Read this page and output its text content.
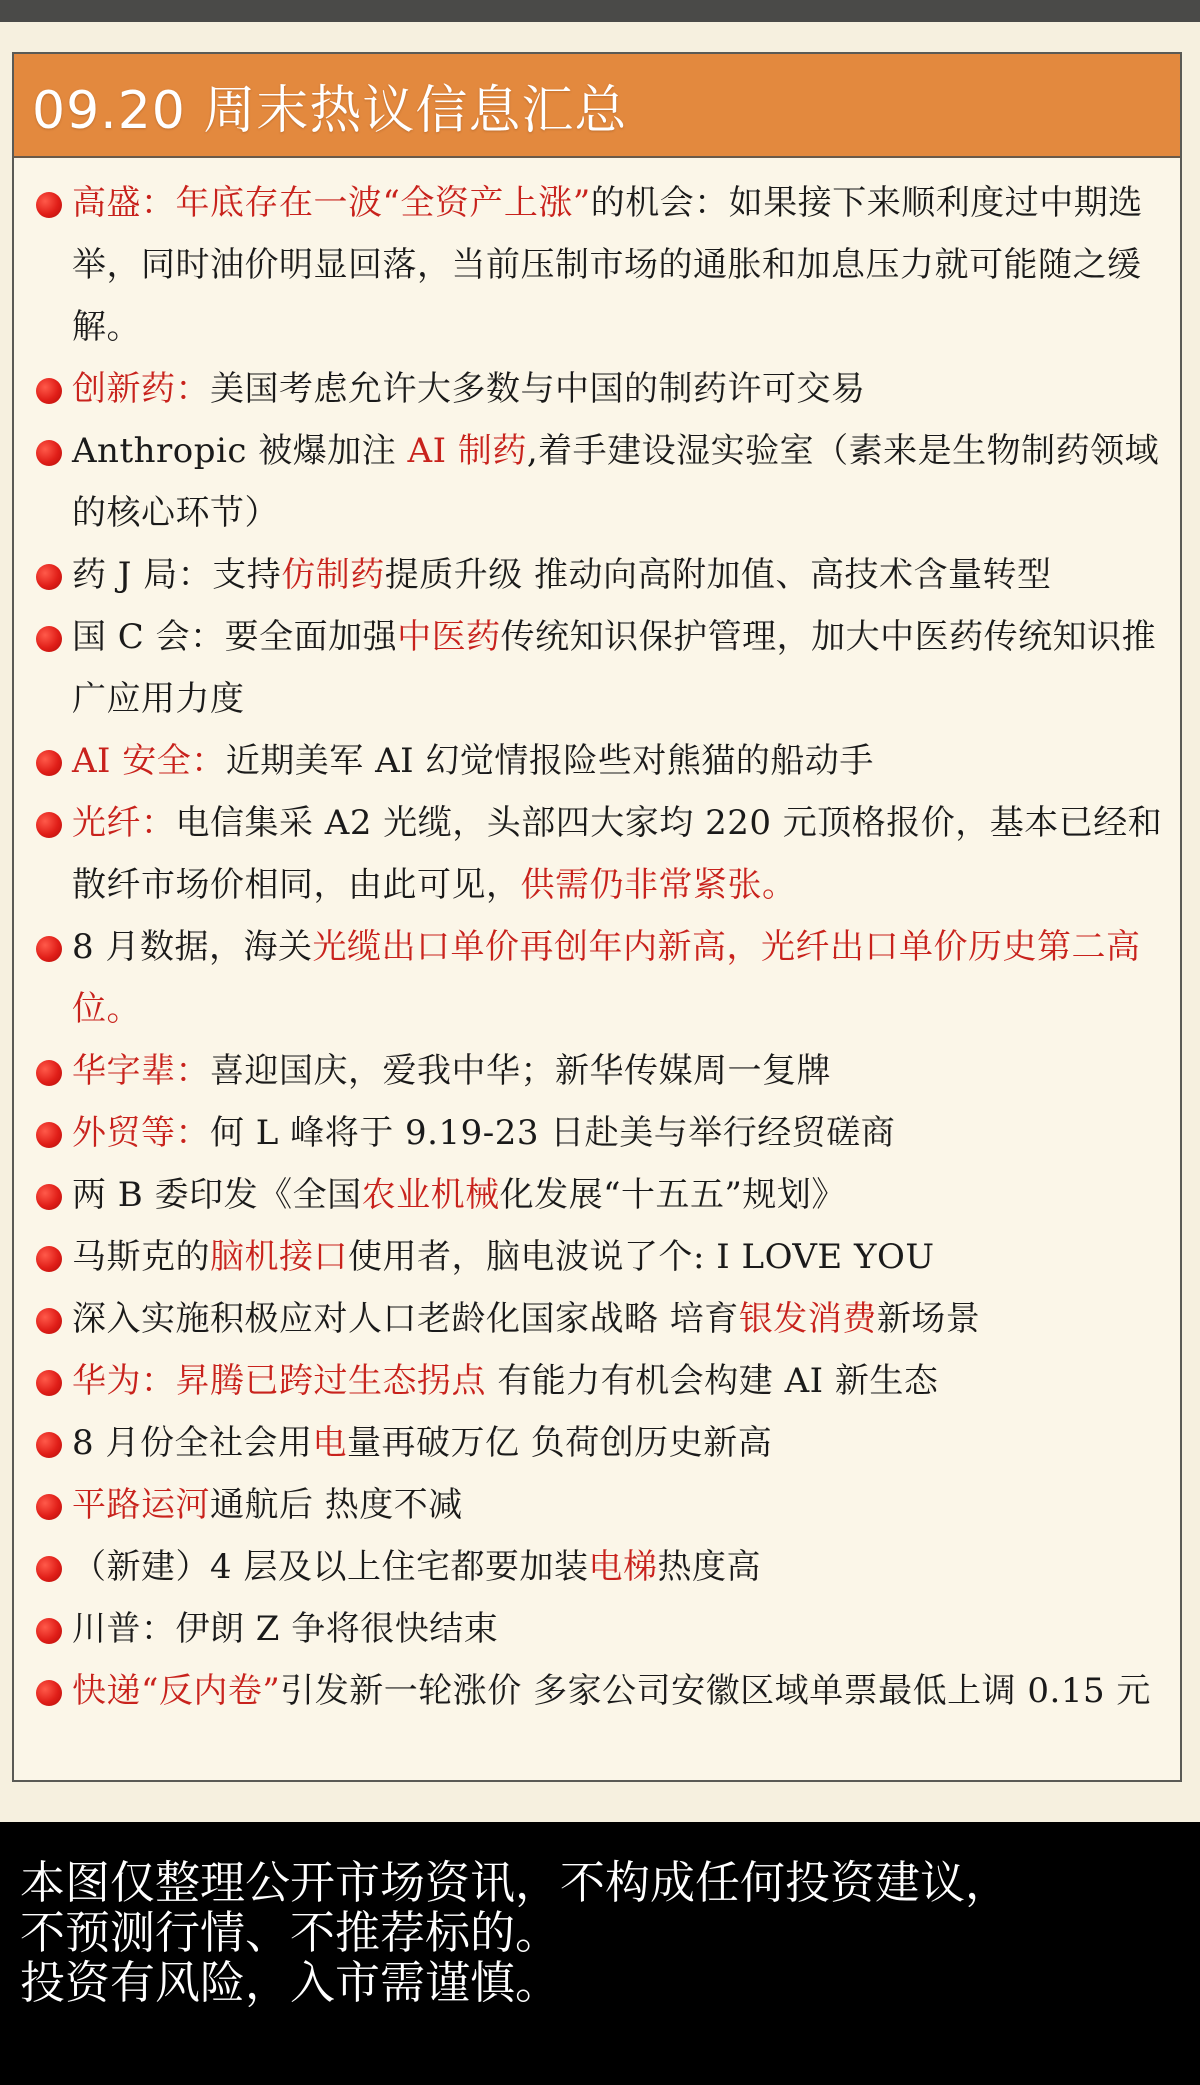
09.20 周末热议信息汇总
高盛：年底存在一波“全资产上涨”的机会：如果接下来顺利度过中期选举，同时油价明显回落，当前压制市场的通胀和加息压力就可能随之缓解。
创新药：美国考虑允许大多数与中国的制药许可交易
Anthropic 被爆加注 AI 制药,着手建设湿实验室（素来是生物制药领域的核心环节）
药 J 局：支持仿制药提质升级 推动向高附加值、高技术含量转型
国 C 会：要全面加强中医药传统知识保护管理，加大中医药传统知识推广应用力度
AI 安全：近期美军 AI 幻觉情报险些对熊猫的船动手
光纤：电信集采 A2 光缆，头部四大家均 220 元顶格报价，基本已经和散纤市场价相同，由此可见，供需仍非常紧张。
8 月数据，海关光缆出口单价再创年内新高，光纤出口单价历史第二高位。
华字辈：喜迎国庆，爱我中华；新华传媒周一复牌
外贸等：何 L 峰将于 9.19-23 日赴美与举行经贸磋商
两 B 委印发《全国农业机械化发展“十五五”规划》
马斯克的脑机接口使用者，脑电波说了个: I LOVE YOU
深入实施积极应对人口老龄化国家战略 培育银发消费新场景
华为：昇腾已跨过生态拐点 有能力有机会构建 AI 新生态
8 月份全社会用电量再破万亿 负荷创历史新高
平路运河通航后 热度不减
（新建）4 层及以上住宅都要加装电梯热度高
川普：伊朗 Z 争将很快结束
快递“反内卷”引发新一轮涨价 多家公司安徽区域单票最低上调 0.15 元
本图仅整理公开市场资讯，不构成任何投资建议，
不预测行情、不推荐标的。
投资有风险，入市需谨慎。
